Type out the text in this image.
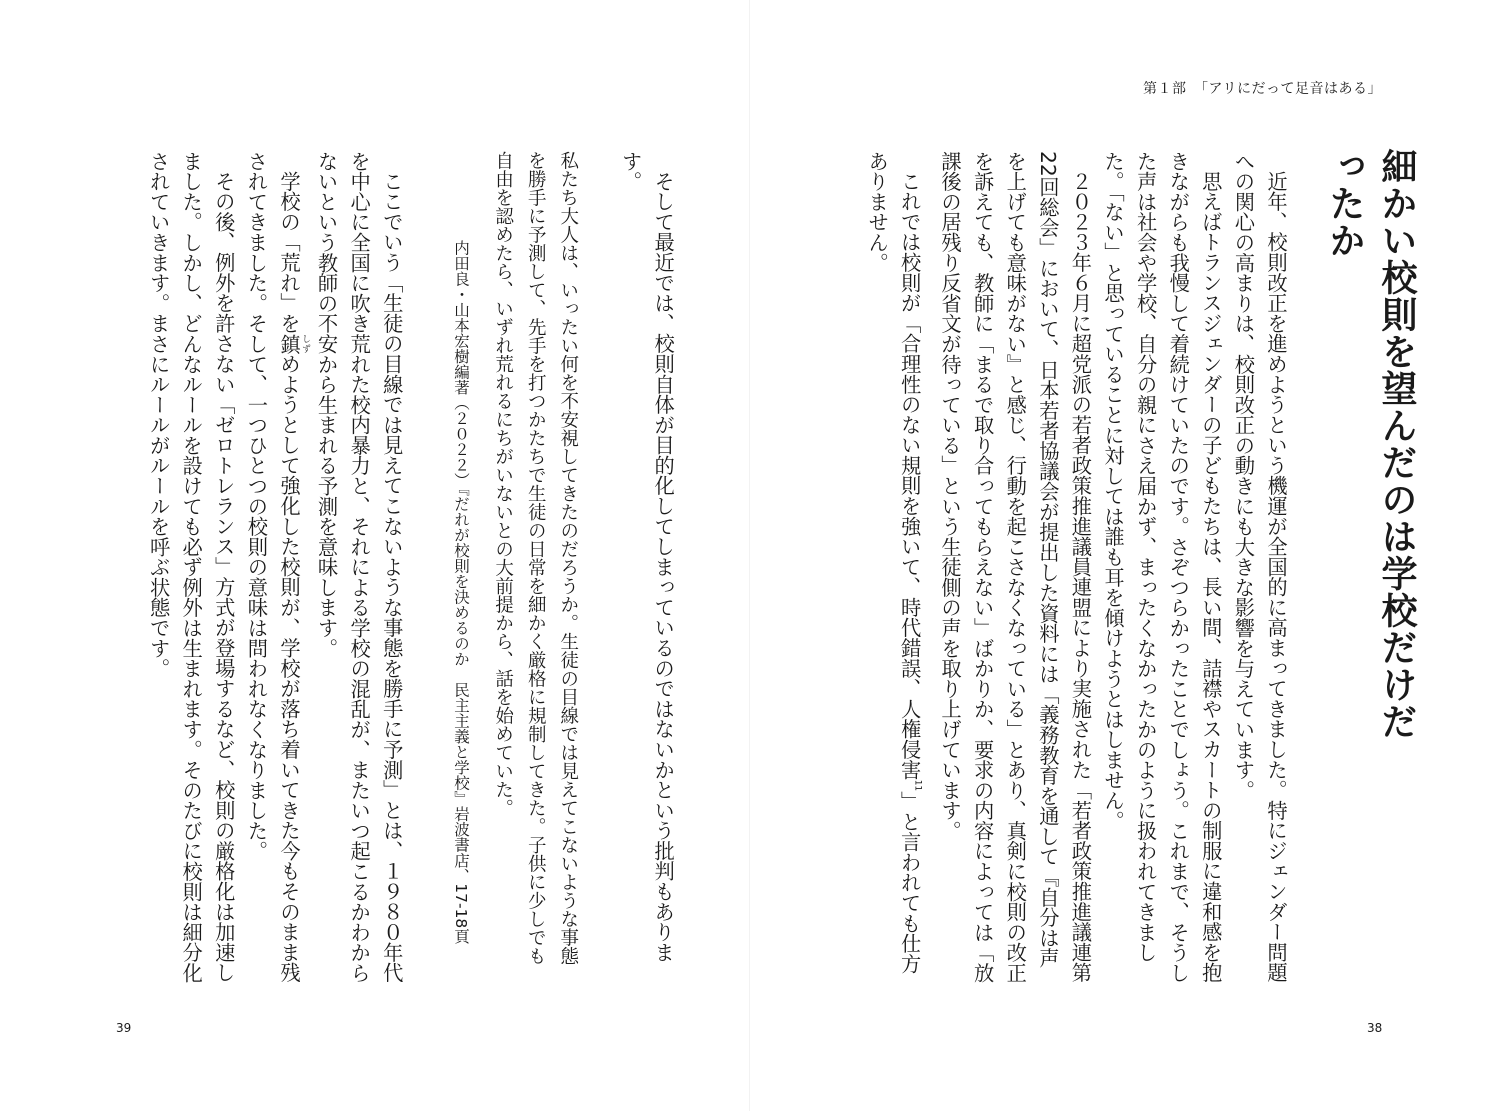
第１部　「アリにだって足音はある」
細かい校則を望んだのは学校だけだったか

近年、校則改正を進めようという機運が全国的に高まってきました。特にジェンダー問題への関心の高まりは、校則改正の動きにも大きな影響を与えています。

思えばトランスジェンダーの子どもたちは、長い間、詰襟やスカートの制服に違和感を抱きながらも我慢して着続けていたのです。さぞつらかったことでしょう。これまで、そうした声は社会や学校、自分の親にさえ届かず、まったくなかったかのように扱われてきました。「ない」と思っているこ​とに対しては誰も耳を傾けようとはしません。

２０２３年６月に超党派の若者政策推進議員連盟により実施された「若者政策推進議連第22回総会」において、日本若者協議会が提出した資料には「義務教育を通して『自分は声を上げても意味がない』と感じ、行動を起こさなくなっている」とあり、真剣に校則の改正を訴えても、教師に「まるで取り合ってもらえない」ばかりか、要求の内容によっては「放課後の居残り反省文が待っている」という生徒側の声を取り上げています。

これでは校則が「合理性のない規則を強いて、時代錯誤、人権侵害$^{11}$」と言われても仕方ありません。

ここでいう「生徒の目線では見えてこないような事態を勝手に予測」とは、１９８０年代を中心に全国に吹き荒れた校内暴力と、それによる学校の混乱が、またいつ起こるかわからないという教師の不安から生まれる予測を意味します。

学校の「荒れ」を鎮 しずめようとして強化した校則が、学校が落ち着いてきた今もそのまま残されてきました。そして、一つひとつの校則の意味は問われなくなりました。

その後、例外を許さない「ゼロトレランス」方式が登場するなど、校則の厳格化は加速しました。しかし、どんなルールを設けても必ず例外は生まれます。そのたびに校則は細分化されていきます。まさにルールがルールを呼ぶ状態です。	そして最近では、校則自体が目的化してしまっているのではないかという批判もあります。

私たち大人は、いったい何を不安視してきたのだろうか。生徒の目線では見えてこないような事態を勝手に予測して、先手を打つかたちで生徒の日常を細かく厳格に規制してきた。子供に少しでも自由を認めたら、いずれ荒れるにちがいないとの大前提から、話を始めていた。

内田良・山本宏樹編著（２０２２）『だれが校則を決めるのか　民主主義と学校』岩波書店、17‐18頁
39	38
